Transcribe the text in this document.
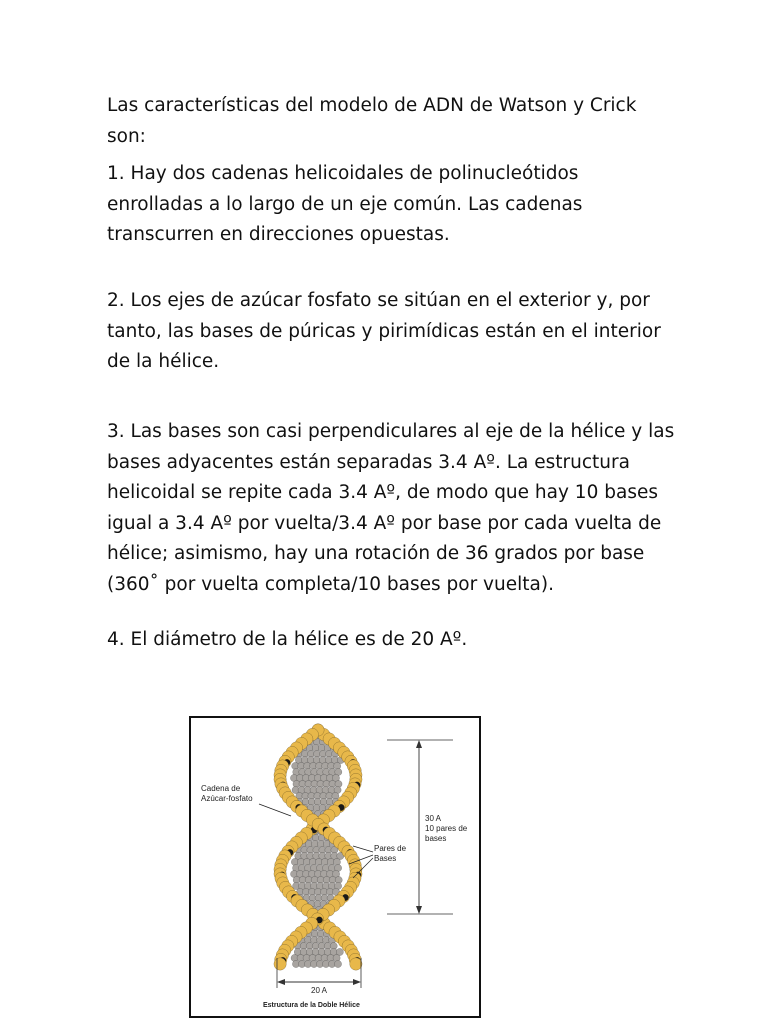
Las características del modelo de ADN de Watson y Crick son:

1. Hay dos cadenas helicoidales de polinucleótidos enrolladas a lo largo de un eje común. Las cadenas transcurren en direcciones opuestas.

2. Los ejes de azúcar fosfato se sitúan en el exterior y, por tanto, las bases de púricas y pirimídicas están en el interior de la hélice.

3. Las bases son casi perpendiculares al eje de la hélice y las bases adyacentes están separadas 3.4 Aº. La estructura helicoidal se repite cada 3.4 Aº, de modo que hay 10 bases igual a 3.4 Aº por vuelta/3.4 Aº por base por cada vuelta de hélice; asimismo, hay una rotación de 36 grados por base (360˚ por vuelta completa/10 bases por vuelta).

4. El diámetro de la hélice es de 20 Aº.

Cadena de
Azúcar-fosfato
Pares de
Bases
30 A
10 pares de
bases
20 A
Estructura de la Doble Hélice
